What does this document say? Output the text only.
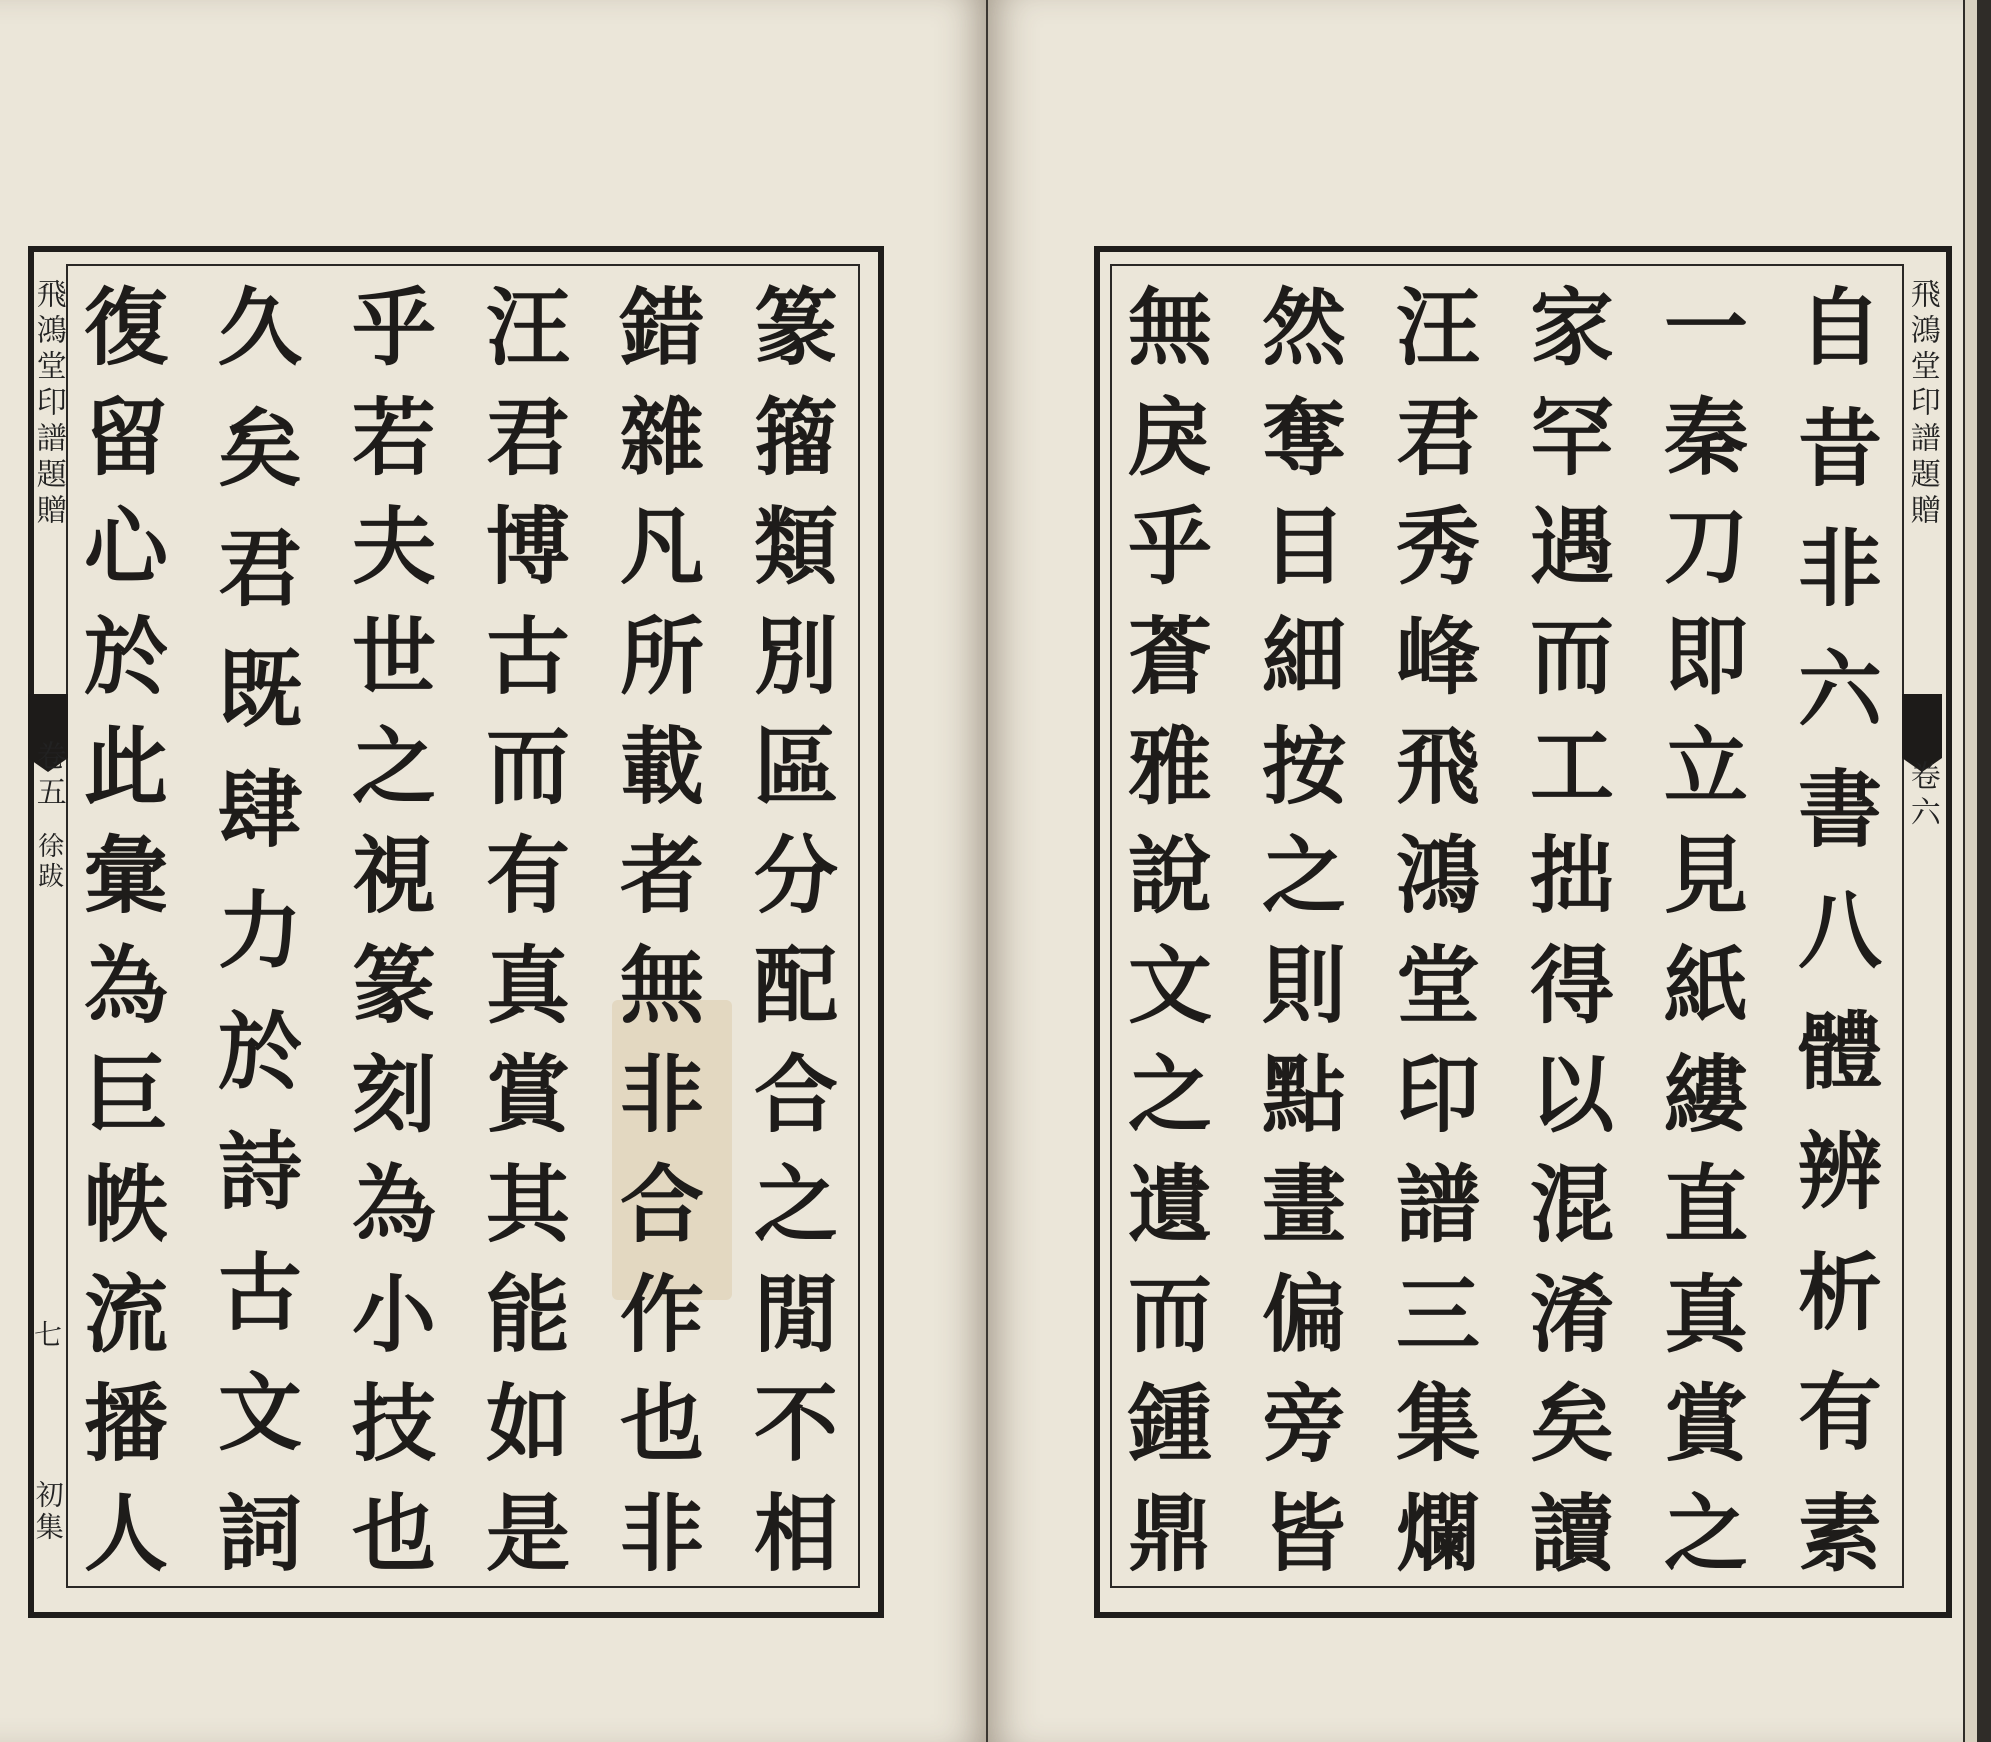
飛鴻堂印譜題贈
卷五
徐跋
七
初集
篆
籀
類
別
區
分
配
合
之
閒
不
相
錯
雜
凡
所
載
者
無
非
合
作
也
非
汪
君
博
古
而
有
真
賞
其
能
如
是
乎
若
夫
世
之
視
篆
刻
為
小
技
也
久
矣
君
既
肆
力
於
詩
古
文
詞
復
留
心
於
此
彙
為
巨
帙
流
播
人
自
昔
非
六
書
八
體
辨
析
有
素
一
秦
刀
即
立
見
紙
縷
直
真
賞
之
家
罕
遇
而
工
拙
得
以
混
淆
矣
讀
汪
君
秀
峰
飛
鴻
堂
印
譜
三
集
爛
然
奪
目
細
按
之
則
點
畫
偏
旁
皆
無
戾
乎
蒼
雅
說
文
之
遺
而
鍾
鼎
飛鴻堂印譜題贈
卷六
